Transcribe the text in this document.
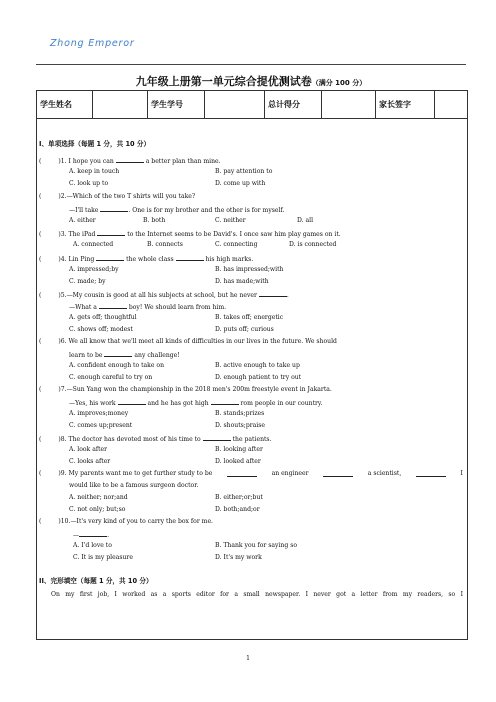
Zhong Emperor
九年级上册第一单元综合提优测试卷（满分 100 分）
学生姓名	学生学号	总计得分	家长签字
I、单项选择（每题 1 分，共 10 分）
(	)1. I hope you can	a better plan than mine.
A. keep in touch	B. pay attention to
C. look up to	D. come up with
(	)2.—Which of the two T shirts will you take?
—I'll take	. One is for my brother and the other is for myself.
A. either	B. both	C. neither	D. all
(	)3. The iPad	to the Internet seems to be David's. I once saw him play games on it.
A. connected	B. connects	C. connecting	D. is connected
(	)4. Lin Ping	the whole class	his high marks.
A. impressed;by	B. has impressed;with
C. made; by	D. has made;with
(	)5.—My cousin is good at all his subjects at school, but he never	.
—What a	boy! We should learn from him.
A. gets off; thoughtful	B. takes off; energetic
C. shows off; modest	D. puts off; curious
(	)6. We all know that we'll meet all kinds of difficulties in our lives in the future. We should
learn to be	any challenge!
A. confident enough to take on	B. active enough to take up
C. enough careful to try on	D. enough patient to try out
(	)7.—Sun Yang won the championship in the 2018 men's 200m freestyle event in Jakarta.
—Yes, his work	and he has got high	rom people in our country.
A. improves;money	B. stands;prizes
C. comes up;present	D. shouts;praise
(	)8. The doctor has devoted most of his time to	the patients.
A. look after	B. looking after
C. looks after	D. looked after
(	)9. My parents want me to get further study to be	an engineer	a scientist,	I
would like to be a famous surgeon doctor.
A. neither; nor;and	B. either;or;but
C. not only; but;so	D. both;and;or
(	)10.—It's very kind of you to carry the box for me.
—	.
A. I'd love to	B. Thank you for saying so
C. It is my pleasure	D. It's my work
II、完形填空（每题 1 分，共 10 分）
On my first job, I worked as a sports editor for a small newspaper. I never got a letter from my readers, so I
1
